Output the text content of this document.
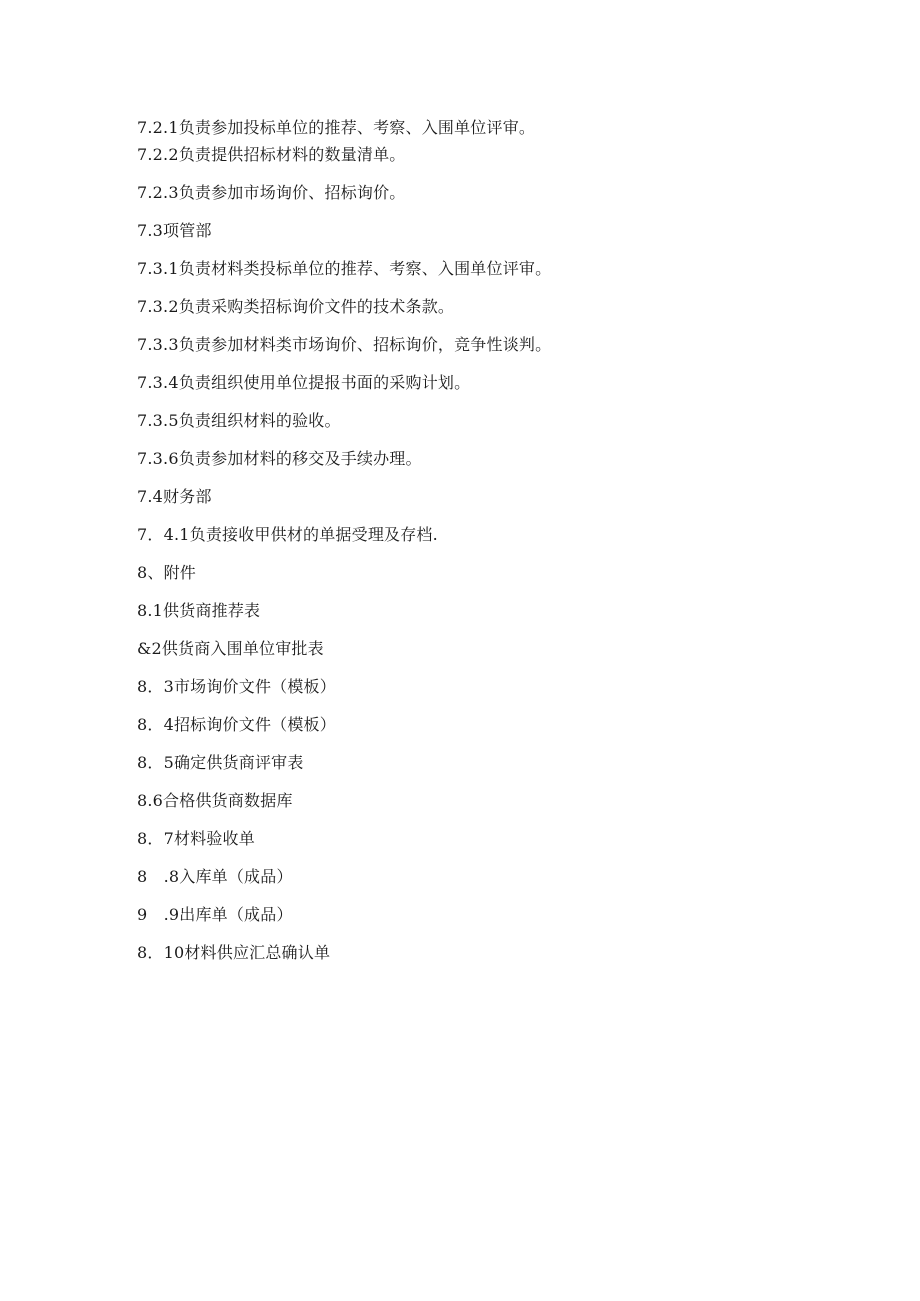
7.2.1负责参加投标单位的推荐、考察、入围单位评审。
7.2.2负责提供招标材料的数量清单。
7.2.3负责参加市场询价、招标询价。
7.3项管部
7.3.1负责材料类投标单位的推荐、考察、入围单位评审。
7.3.2负责采购类招标询价文件的技术条款。
7.3.3负责参加材料类市场询价、招标询价，竞争性谈判。
7.3.4负责组织使用单位提报书面的采购计划。
7.3.5负责组织材料的验收。
7.3.6负责参加材料的移交及手续办理。
7.4财务部
7．4.1负责接收甲供材的单据受理及存档.
8、附件
8.1供货商推荐表
&2供货商入围单位审批表
8．3市场询价文件（模板）
8．4招标询价文件（模板）
8．5确定供货商评审表
8.6合格供货商数据库
8．7材料验收单
8　.8入库单（成品）
9　.9出库单（成品）
8．10材料供应汇总确认单
